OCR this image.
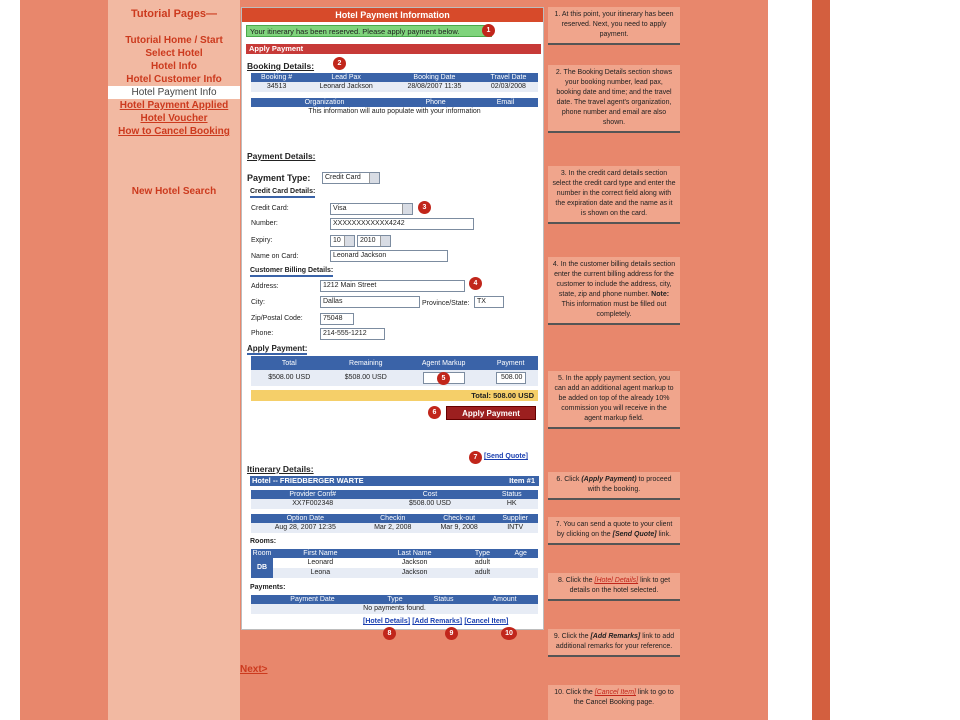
Tutorial Pages—
Tutorial Home / Start
Select Hotel
Hotel Info
Hotel Customer Info
Hotel Payment Info
Hotel Payment Applied
Hotel Voucher
How to Cancel Booking
New Hotel Search
Next>
Hotel Payment Information
Your itinerary has been reserved. Please apply payment below.	1
Apply Payment
Booking Details:	2
Booking #	Lead Pax	Booking Date	Travel Date
34513	Leonard Jackson	28/08/2007 11:35	02/03/2008
Organization	Phone	Email
This information will auto populate with your information
Payment Details:
Payment Type:	Credit Card
Credit Card Details:
Credit Card:	Visa	3
Number:	XXXXXXXXXXXX4242
Expiry:	10	2010
Name on Card:	Leonard Jackson
Customer Billing Details:
Address:	1212 Main Street	4
City:	Dallas	Province/State:	TX
Zip/Postal Code:	75048
Phone:	214-555-1212
Apply Payment:
Total	Remaining	Agent Markup	Payment
$508.00 USD	$508.00 USD		508.00
5
Total: 508.00 USD
6	Apply Payment
7 [Send Quote]
Itinerary Details:
Hotel -- FRIEDBERGER WARTE	Item #1
Provider Conf#	Cost	Status
XX7F002348	$508.00 USD	HK
Option Date	Checkin	Check-out	Supplier
Aug 28, 2007 12:35	Mar 2, 2008	Mar 9, 2008	INTV
Rooms:
Room	First Name	Last Name	Type	Age
DB	Leonard	Jackson	adult	
	Leona	Jackson	adult	
Payments:
Payment Date	Type	Status	Amount
No payments found.
[Hotel Details] [Add Remarks] [Cancel Item]
8	9	10
1. At this point, your itinerary has been reserved. Next, you need to apply payment.
2. The Booking Details section shows your booking number, lead pax, booking date and time; and the travel date. The travel agent's organization, phone number and email are also shown.
3. In the credit card details section select the credit card type and enter the number in the correct field along with the expiration date and the name as it is shown on the card.
4. In the customer billing details section enter the current billing address for the customer to include the address, city, state, zip and phone number. Note: This information must be filled out completely.
5. In the apply payment section, you can add an additional agent markup to be added on top of the already 10% commission you will receive in the agent markup field.
6. Click (Apply Payment) to proceed with the booking.
7. You can send a quote to your client by clicking on the [Send Quote] link.
8. Click the [Hotel Details] link to get details on the hotel selected.
9. Click the [Add Remarks] link to add additional remarks for your reference.
10. Click the [Cancel Item] link to go to the Cancel Booking page.
